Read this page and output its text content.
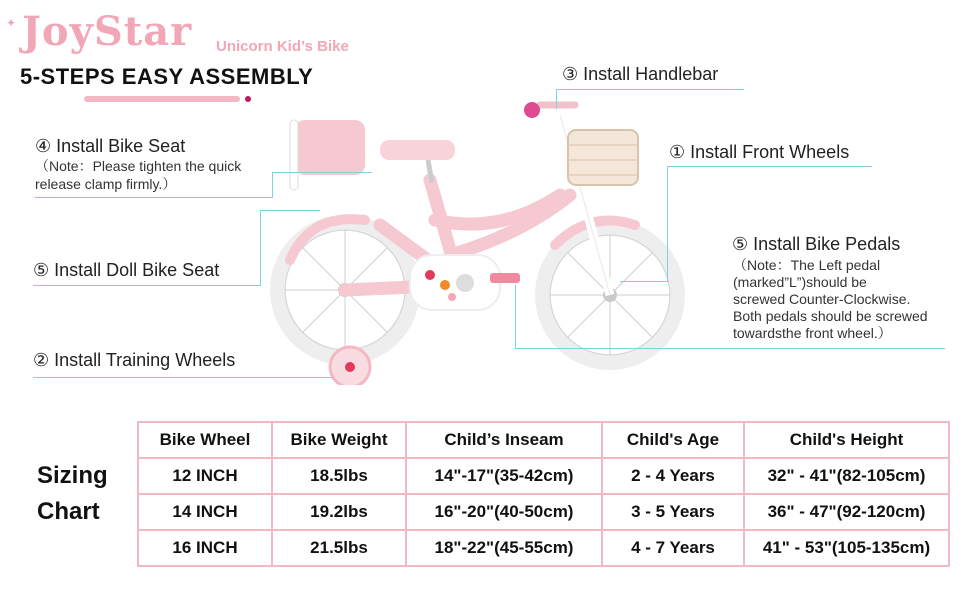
✦ JoyStar Unicorn Kid’s Bike
5-STEPS EASY ASSEMBLY	③ Install Handlebar
④ Install Bike Seat
（Note：Please tighten the quick
release clamp firmly.）
① Install Front Wheels
⑤ Install Doll Bike Seat
⑤ Install Bike Pedals
（Note：The Left pedal
(marked”L”)should be
screwed Counter-Clockwise.
Both pedals should be screwed
towardsthe front wheel.）
② Install Training Wheels
Sizing
Chart
Bike Wheel	Bike Weight	Child’s Inseam	Child's Age	Child's Height
12 INCH	18.5lbs	14"-17"(35-42cm)	2 - 4 Years	32" - 41"(82-105cm)
14 INCH	19.2lbs	16"-20"(40-50cm)	3 - 5 Years	36" - 47"(92-120cm)
16 INCH	21.5lbs	18"-22"(45-55cm)	4 - 7 Years	41" - 53"(105-135cm)
